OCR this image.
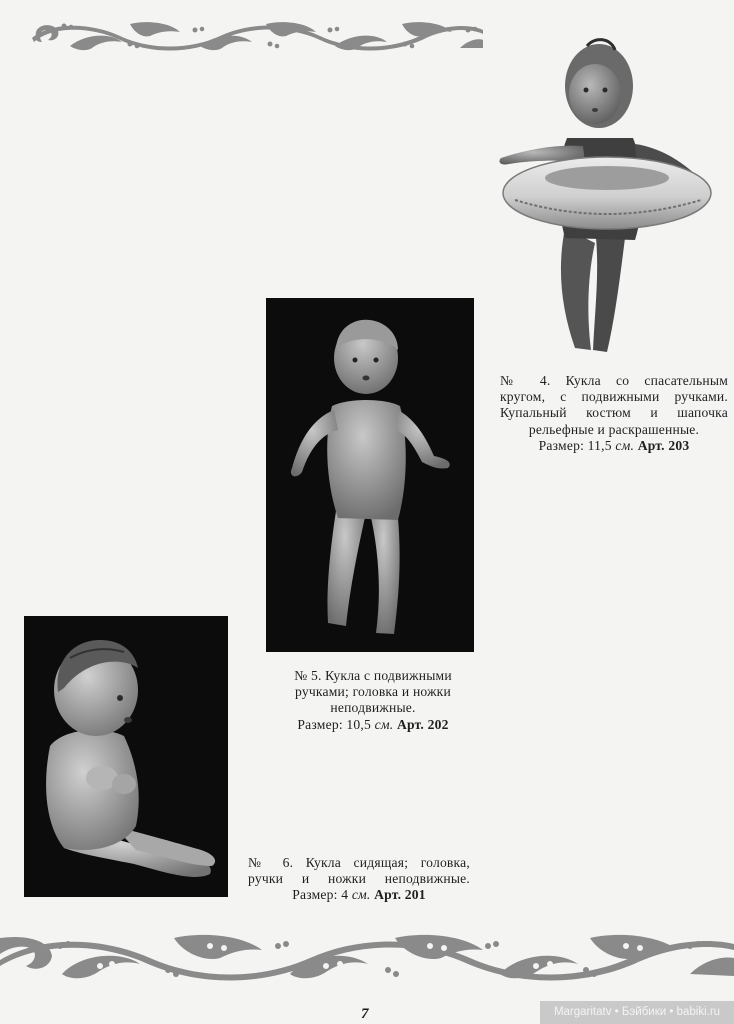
№ 4. Кукла со спасательным
кругом, с подвижными ручками.
Купальный костюм и шапочка
рельефные и раскрашенные.
Размер: 11,5 см. Арт. 203
№ 5. Кукла с подвижными
ручками; головка и ножки
неподвижные.
Размер: 10,5 см. Арт. 202
№ 6. Кукла сидящая; головка,
ручки и ножки неподвижные.
Размер: 4 см. Арт. 201
7	Margaritatv • Бэйбики • babiki.ru
